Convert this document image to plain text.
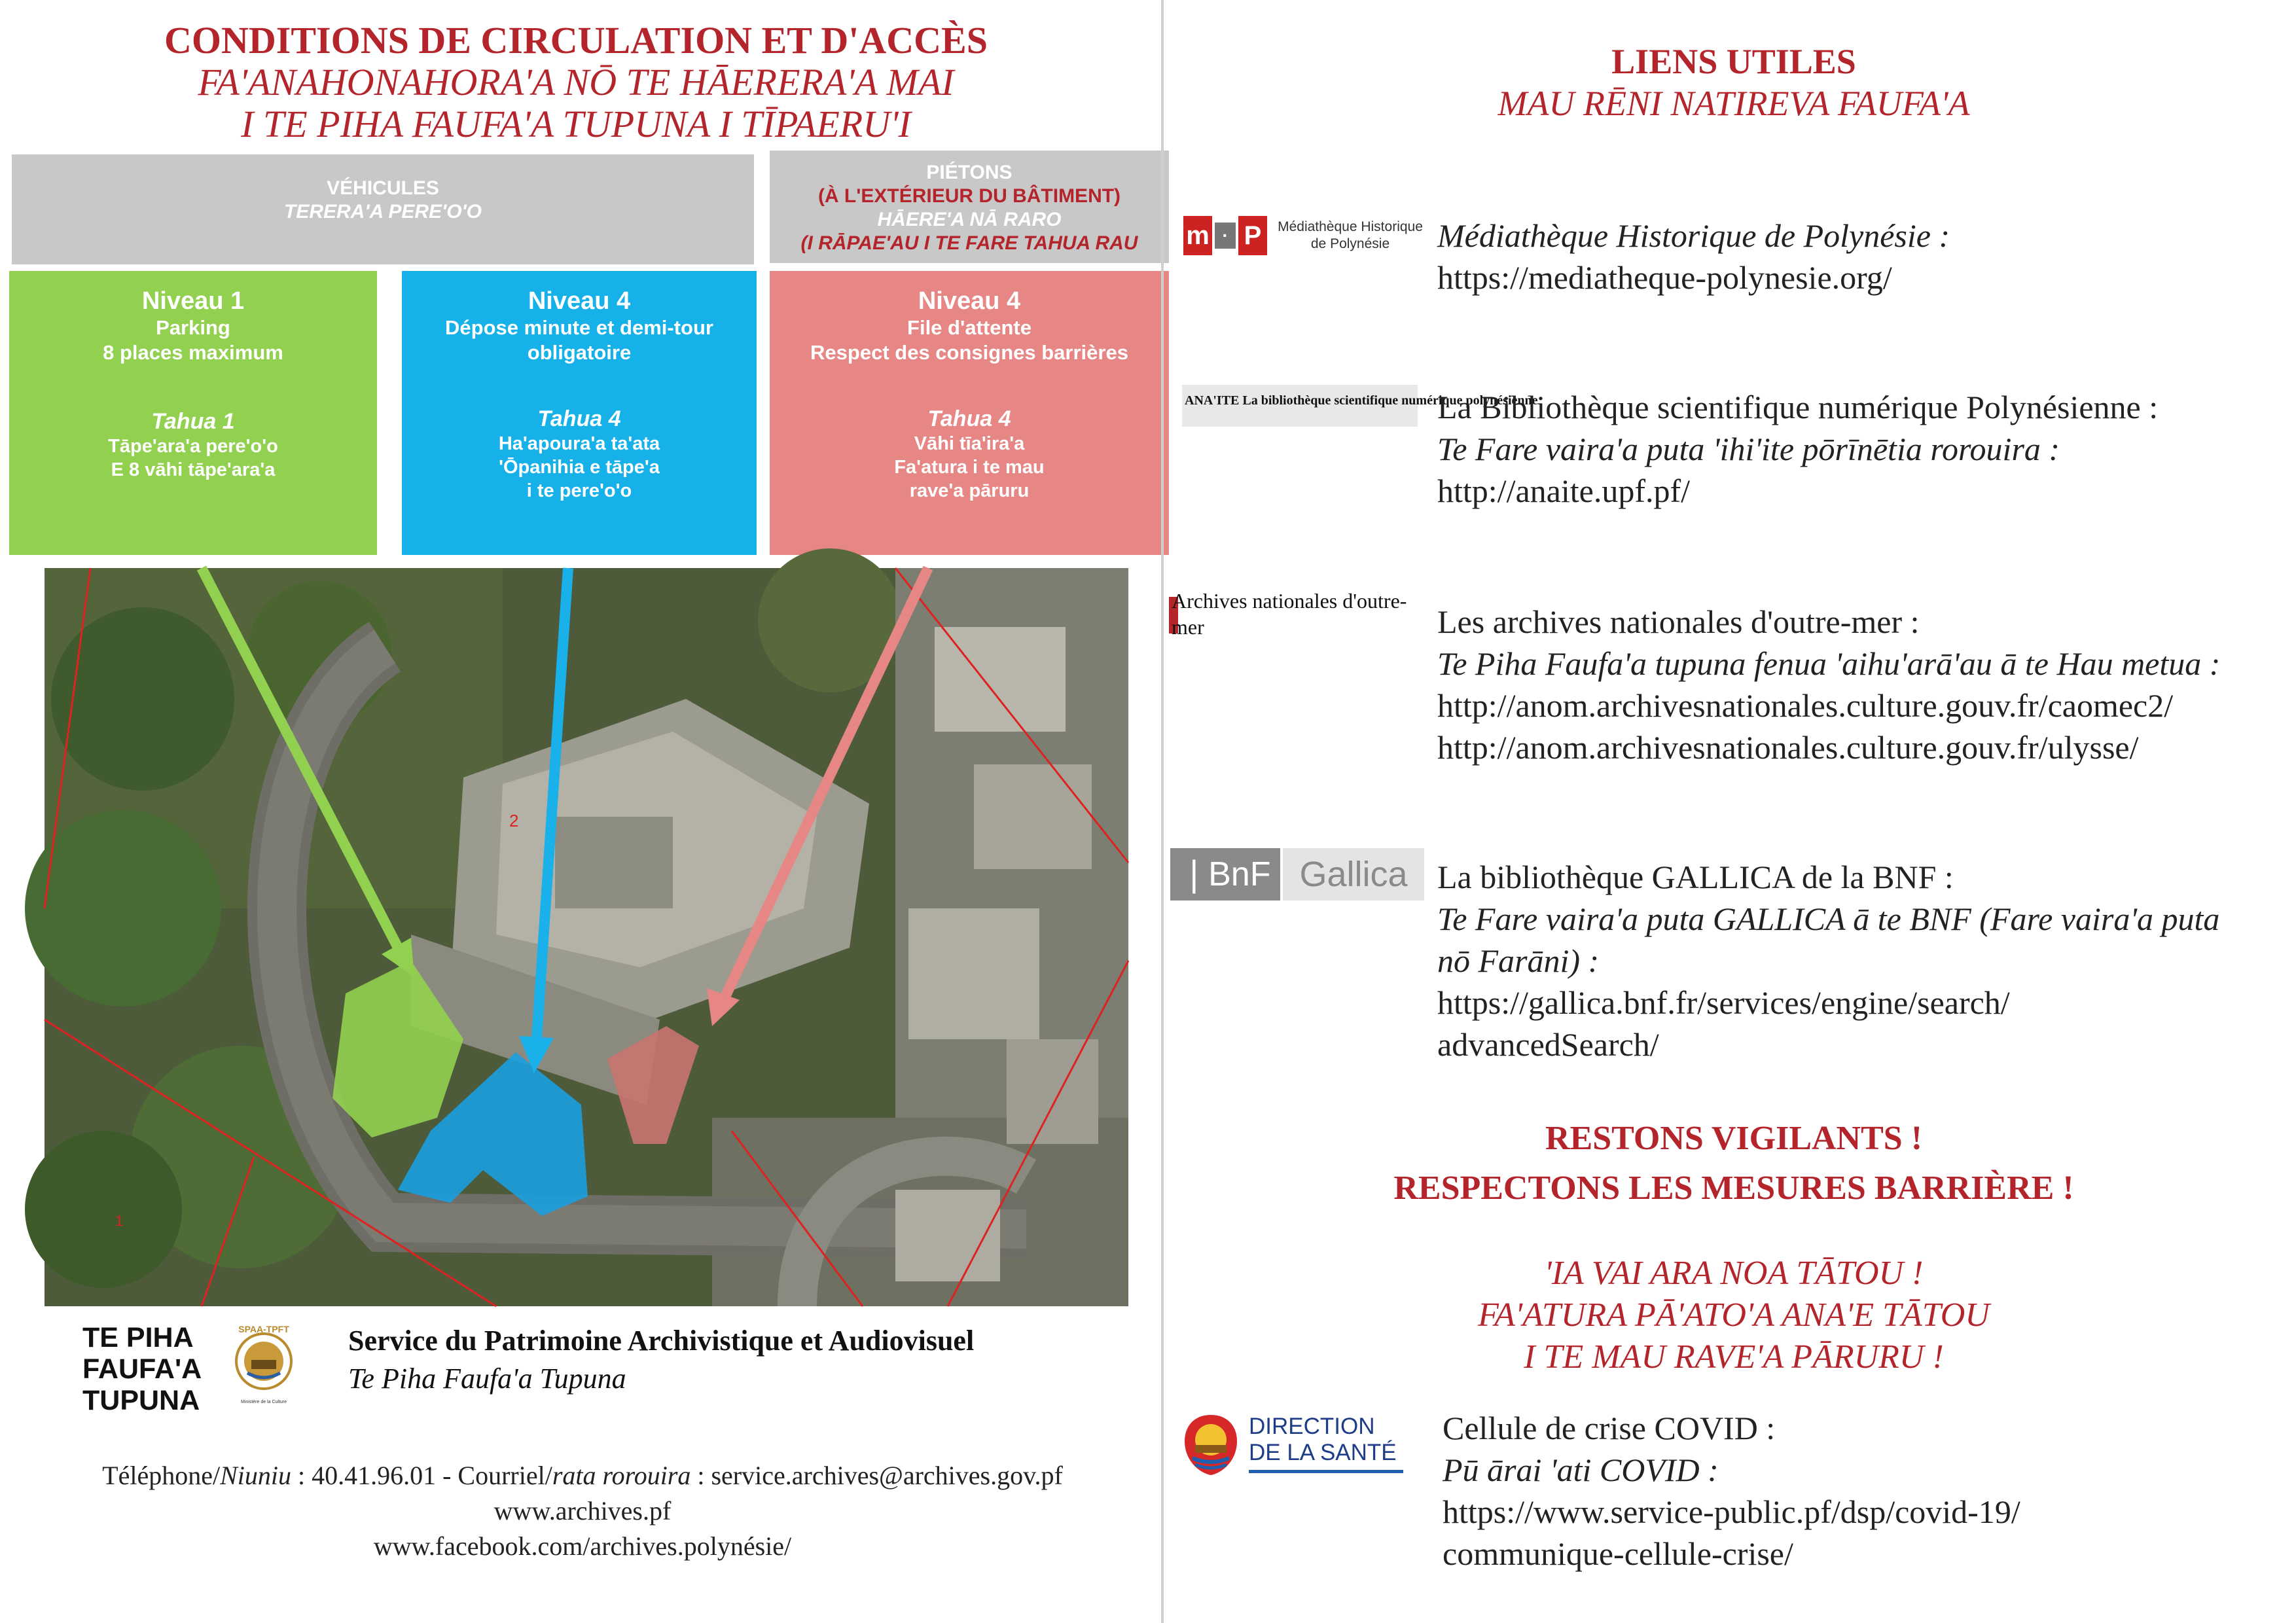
CONDITIONS DE CIRCULATION ET D'ACCÈS
FA'ANAHONAHORA'A NŌ TE HĀERERA'A MAI
I TE PIHA FAUFA'A TUPUNA I TĪPAERU'I
VÉHICULES
TERERA'A PERE'O'O
PIÉTONS
(À L'EXTÉRIEUR DU BÂTIMENT)
HĀERE'A NĀ RARO
(I RĀPAE'AU I TE FARE TAHUA RAU
Niveau 1
Parking
8 places maximum
Tahua 1
Tāpe'ara'a pere'o'o
E 8 vāhi tāpe'ara'a
Niveau 4
Dépose minute et demi-tour
obligatoire
Tahua 4
Ha'apoura'a ta'ata
'Ōpanihia e tāpe'a
i te pere'o'o
Niveau 4
File d'attente
Respect des consignes barrières
Tahua 4
Vāhi tīa'ira'a
Fa'atura i te mau
rave'a pāruru
2
1
TE PIHA
FAUFA'A
TUPUNA
SPAA-TPFT
Ministère de la Culture
Service du Patrimoine Archivistique et Audiovisuel
Te Piha Faufa'a Tupuna
Téléphone/Niuniu : 40.41.96.01 - Courriel/rata rorouira : service.archives@archives.gov.pf
www.archives.pf
www.facebook.com/archives.polynésie/
LIENS UTILES
MAU RĒNI NATIREVA FAUFA'A
m · P	Médiathèque Historique de Polynésie	Médiathèque Historique de Polynésie :
https://mediatheque-polynesie.org/
ANA'ITE La bibliothèque scientifique numérique polynésienne
La Bibliothèque scientifique numérique Polynésienne :
Te Fare vaira'a puta 'ihi'ite pōrīnētia rorouira :
http://anaite.upf.pf/
Archives nationales d'outre-mer	Les archives nationales d'outre-mer :
Te Piha Faufa'a tupuna fenua 'aihu'arā'au ā te Hau metua :
http://anom.archivesnationales.culture.gouv.fr/caomec2/
http://anom.archivesnationales.culture.gouv.fr/ulysse/
❘BnF Gallica La bibliothèque GALLICA de la BNF :
Te Fare vaira'a puta GALLICA ā te BNF (Fare vaira'a puta
nō Farāni) :
https://gallica.bnf.fr/services/engine/search/
advancedSearch/
RESTONS VIGILANTS !
RESPECTONS LES MESURES BARRIÈRE !
'IA VAI ARA NOA TĀTOU !
FA'ATURA PĀ'ATO'A ANA'E TĀTOU
I TE MAU RAVE'A PĀRURU !
DIRECTION
DE LA SANTÉ
Cellule de crise COVID :
Pū ārai 'ati COVID :
https://www.service-public.pf/dsp/covid-19/
communique-cellule-crise/
